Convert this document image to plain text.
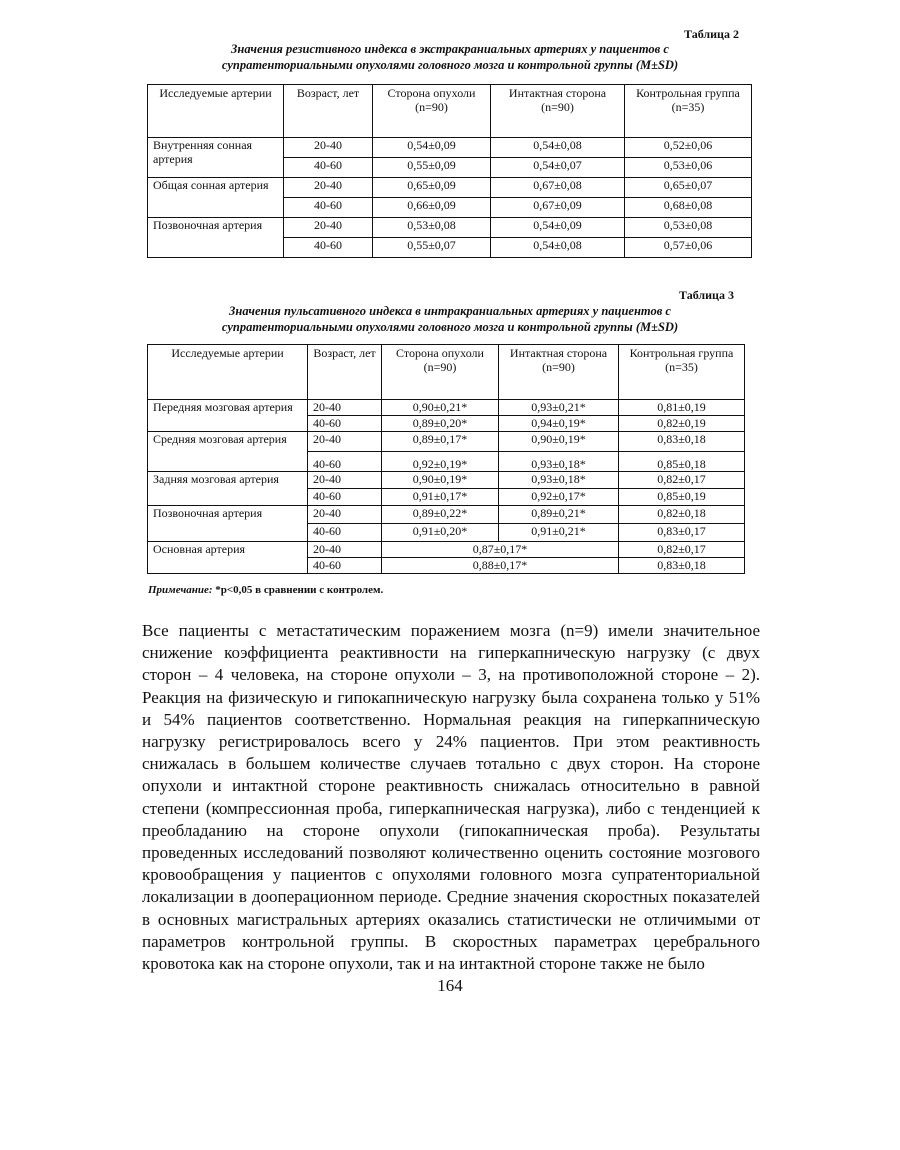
Таблица 2
Значения резистивного индекса в экстракраниальных артериях у пациентов с
супратенториальными опухолями головного мозга и контрольной группы (M±SD)
Исследуемые артерии	Возраст, лет	Сторона опухоли (n=90)	Интактная сторона (n=90)	Контрольная группа (n=35)
Внутренняя сонная артерия	20-40	0,54±0,09	0,54±0,08	0,52±0,06
	40-60	0,55±0,09	0,54±0,07	0,53±0,06
Общая сонная артерия	20-40	0,65±0,09	0,67±0,08	0,65±0,07
	40-60	0,66±0,09	0,67±0,09	0,68±0,08
Позвоночная артерия	20-40	0,53±0,08	0,54±0,09	0,53±0,08
	40-60	0,55±0,07	0,54±0,08	0,57±0,06
Таблица 3
Значения пульсативного индекса в интракраниальных артериях у пациентов с
супратенториальными опухолями головного мозга и контрольной группы (M±SD)
Исследуемые артерии	Возраст, лет	Сторона опухоли (n=90)	Интактная сторона (n=90)	Контрольная группа (n=35)
Передняя мозговая артерия	20-40	0,90±0,21*	0,93±0,21*	0,81±0,19
	40-60	0,89±0,20*	0,94±0,19*	0,82±0,19
Средняя мозговая артерия	20-40	0,89±0,17*	0,90±0,19*	0,83±0,18
	40-60	0,92±0,19*	0,93±0,18*	0,85±0,18
Задняя мозговая артерия	20-40	0,90±0,19*	0,93±0,18*	0,82±0,17
	40-60	0,91±0,17*	0,92±0,17*	0,85±0,19
Позвоночная артерия	20-40	0,89±0,22*	0,89±0,21*	0,82±0,18
	40-60	0,91±0,20*	0,91±0,21*	0,83±0,17
Основная артерия	20-40	0,87±0,17*		0,82±0,17
	40-60	0,88±0,17*		0,83±0,18
Примечание: *p<0,05 в сравнении с контролем.

Все пациенты с метастатическим поражением мозга (n=9) имели значительное снижение коэффициента реактивности на гиперкапническую нагрузку (с двух сторон – 4 человека, на стороне опухоли – 3, на противоположной стороне – 2). Реакция на физическую и гипокапническую нагрузку была сохранена только у 51% и 54% пациентов соответственно. Нормальная реакция на гиперкапническую нагрузку регистрировалось всего у 24% пациентов. При этом реактивность снижалась в большем количестве случаев тотально с двух сторон. На стороне опухоли и интактной стороне реактивность снижалась относительно в равной степени (компрессионная проба, гиперкапническая нагрузка), либо с тенденцией к преобладанию на стороне опухоли (гипокапническая проба). Результаты проведенных исследований позволяют количественно оценить состояние мозгового кровообращения у пациентов с опухолями головного мозга супратенториальной локализации в дооперационном периоде. Средние значения скоростных показателей в основных магистральных артериях оказались статистически не отличимыми от параметров контрольной группы. В скоростных параметрах церебрального кровотока как на стороне опухоли, так и на интактной стороне также не было

164
